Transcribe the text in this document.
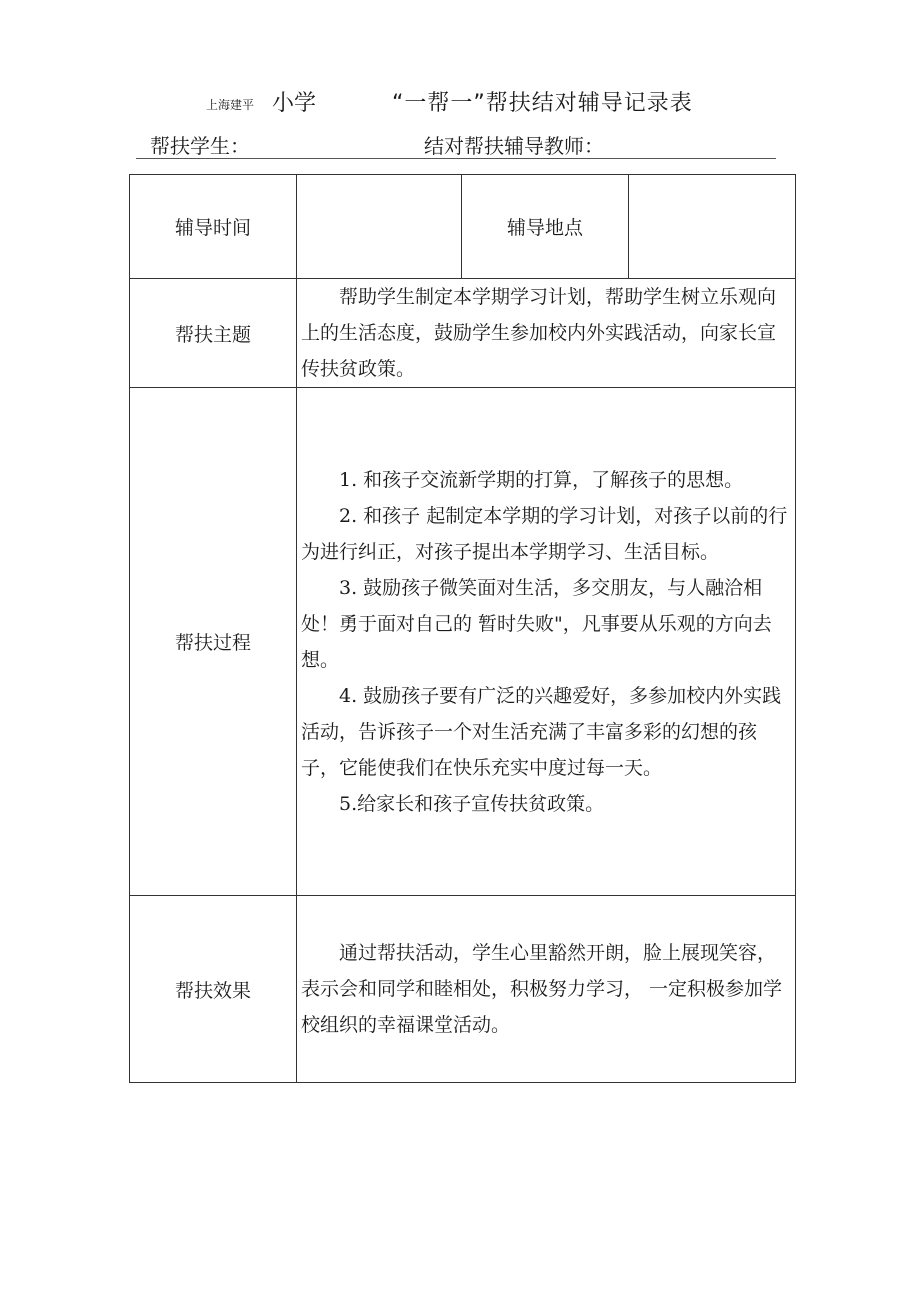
上海建平 小学	“一帮一”帮扶结对辅导记录表
帮扶学生：	结对帮扶辅导教师：
辅导时间		辅导地点	
帮扶主题	帮助学生制定本学期学习计划，帮助学生树立乐观向上的生活态度，鼓励学生参加校内外实践活动，向家长宣传扶贫政策。		

帮扶过程	1. 和孩子交流新学期的打算，了解孩子的思想。

2. 和孩子 起制定本学期的学习计划，对孩子以前的行为进行纠正，对孩子提出本学期学习、生活目标。

3. 鼓励孩子微笑面对生活，多交朋友，与人融洽相处！勇于面对自己的 暂时失败"，凡事要从乐观的方向去想。

4. 鼓励孩子要有广泛的兴趣爱好，多参加校内外实践活动，告诉孩子一个对生活充满了丰富多彩的幻想的孩子，它能使我们在快乐充实中度过每一天。

5.给家长和孩子宣传扶贫政策。		

帮扶效果	通过帮扶活动，学生心里豁然开朗，脸上展现笑容，表示会和同学和睦相处，积极努力学习， 一定积极参加学校组织的幸福课堂活动。		
